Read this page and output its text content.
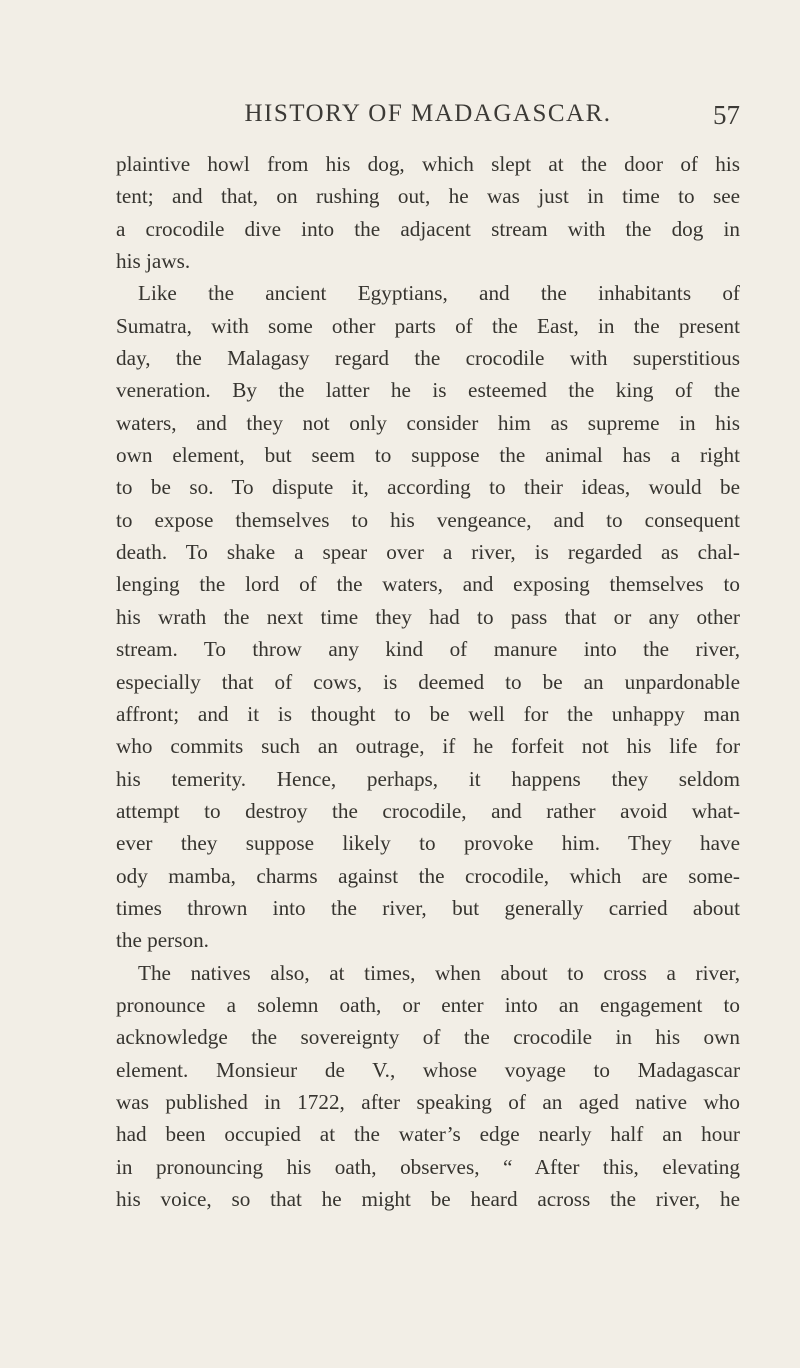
HISTORY OF MADAGASCAR.	57
plaintive howl from his dog, which slept at the door of his
tent; and that, on rushing out, he was just in time to see
a crocodile dive into the adjacent stream with the dog in
his jaws.
Like the ancient Egyptians, and the inhabitants of
Sumatra, with some other parts of the East, in the present
day, the Malagasy regard the crocodile with superstitious
veneration. By the latter he is esteemed the king of the
waters, and they not only consider him as supreme in his
own element, but seem to suppose the animal has a right
to be so. To dispute it, according to their ideas, would be
to expose themselves to his vengeance, and to consequent
death. To shake a spear over a river, is regarded as chal-
lenging the lord of the waters, and exposing themselves to
his wrath the next time they had to pass that or any other
stream. To throw any kind of manure into the river,
especially that of cows, is deemed to be an unpardonable
affront; and it is thought to be well for the unhappy man
who commits such an outrage, if he forfeit not his life for
his temerity. Hence, perhaps, it happens they seldom
attempt to destroy the crocodile, and rather avoid what-
ever they suppose likely to provoke him. They have
ody mamba, charms against the crocodile, which are some-
times thrown into the river, but generally carried about
the person.
The natives also, at times, when about to cross a river,
pronounce a solemn oath, or enter into an engagement to
acknowledge the sovereignty of the crocodile in his own
element. Monsieur de V., whose voyage to Madagascar
was published in 1722, after speaking of an aged native who
had been occupied at the water’s edge nearly half an hour
in pronouncing his oath, observes, “ After this, elevating
his voice, so that he might be heard across the river, he
